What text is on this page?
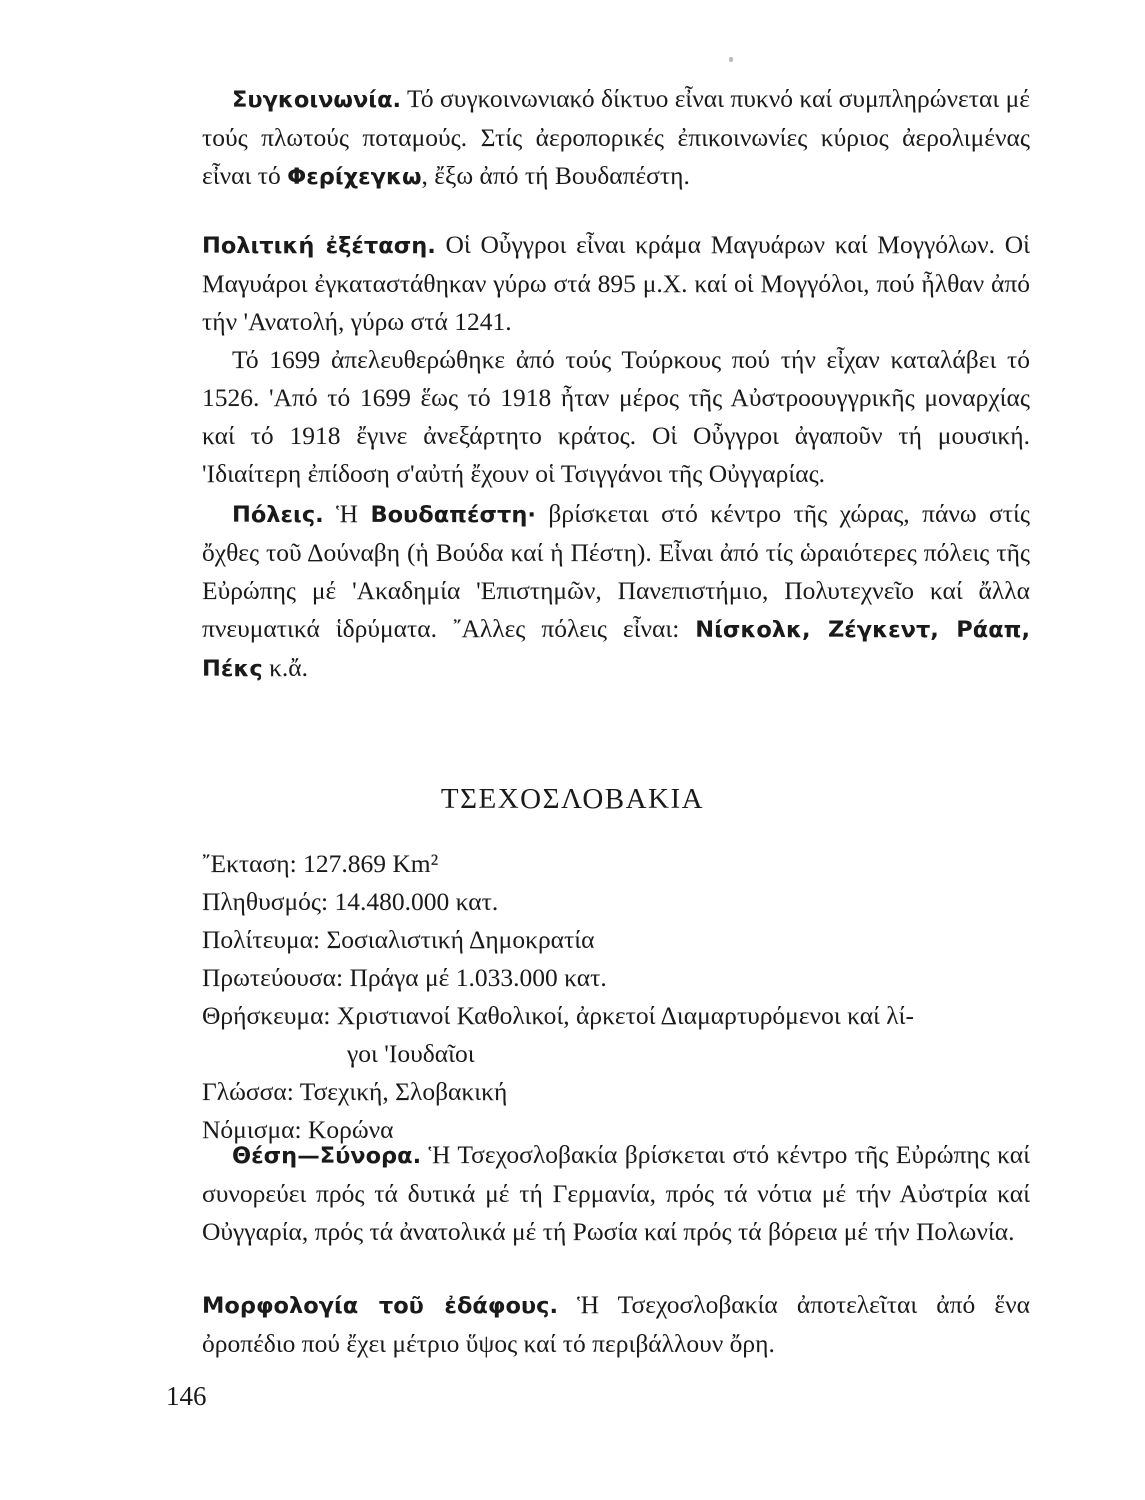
Συγκοινωνία. Τό συγκοινωνιακό δίκτυο εἶναι πυκνό καί συμπληρώνεται μέ τούς πλωτούς ποταμούς. Στίς ἀεροπορικές ἐπικοινωνίες κύριος ἀερολιμένας εἶναι τό Φερίχεγκω, ἔξω ἀπό τή Βουδαπέστη.

Πολιτική ἐξέταση. Οἱ Οὖγγροι εἶναι κράμα Μαγυάρων καί Μογγόλων. Οἱ Μαγυάροι ἐγκαταστάθηκαν γύρω στά 895 μ.Χ. καί οἱ Μογγόλοι, πού ἦλθαν ἀπό τήν 'Ανατολή, γύρω στά 1241.

Τό 1699 ἀπελευθερώθηκε ἀπό τούς Τούρκους πού τήν εἶχαν καταλάβει τό 1526. 'Από τό 1699 ἕως τό 1918 ἦταν μέρος τῆς Αὐστροουγγρικῆς μοναρχίας καί τό 1918 ἔγινε ἀνεξάρτητο κράτος. Οἱ Οὖγγροι ἀγαποῦν τή μουσική. 'Ιδιαίτερη ἐπίδοση σ'αὐτή ἔχουν οἱ Τσιγγάνοι τῆς Οὐγγαρίας.

Πόλεις. Ἡ Βουδαπέστη· βρίσκεται στό κέντρο τῆς χώρας, πάνω στίς ὄχθες τοῦ Δούναβη (ἡ Βούδα καί ἡ Πέστη). Εἶναι ἀπό τίς ὡραιότερες πόλεις τῆς Εὐρώπης μέ 'Ακαδημία 'Επιστημῶν, Πανεπιστήμιο, Πολυτεχνεῖο καί ἄλλα πνευματικά ἱδρύματα. ῎Αλλες πόλεις εἶναι: Νίσκολκ, Ζέγκεντ, Ράαπ, Πέκς κ.ἄ.

ΤΣΕΧΟΣΛΟΒΑΚΙΑ
῎Εκταση: 127.869 Km²
Πληθυσμός: 14.480.000 κατ.
Πολίτευμα: Σοσιαλιστική Δημοκρατία
Πρωτεύουσα: Πράγα μέ 1.033.000 κατ.
Θρήσκευμα: Χριστιανοί Καθολικοί, ἀρκετοί Διαμαρτυρόμενοι καί λί-
γοι 'Ιουδαῖοι
Γλώσσα: Τσεχική, Σλοβακική
Νόμισμα: Κορώνα

Θέση—Σύνορα. Ἡ Τσεχοσλοβακία βρίσκεται στό κέντρο τῆς Εὐρώπης καί συνορεύει πρός τά δυτικά μέ τή Γερμανία, πρός τά νότια μέ τήν Αὐστρία καί Οὐγγαρία, πρός τά ἀνατολικά μέ τή Ρωσία καί πρός τά βόρεια μέ τήν Πολωνία.

Μορφολογία τοῦ ἐδάφους. Ἡ Τσεχοσλοβακία ἀποτελεῖται ἀπό ἕνα ὀροπέδιο πού ἔχει μέτριο ὕψος καί τό περιβάλλουν ὄρη.

146
